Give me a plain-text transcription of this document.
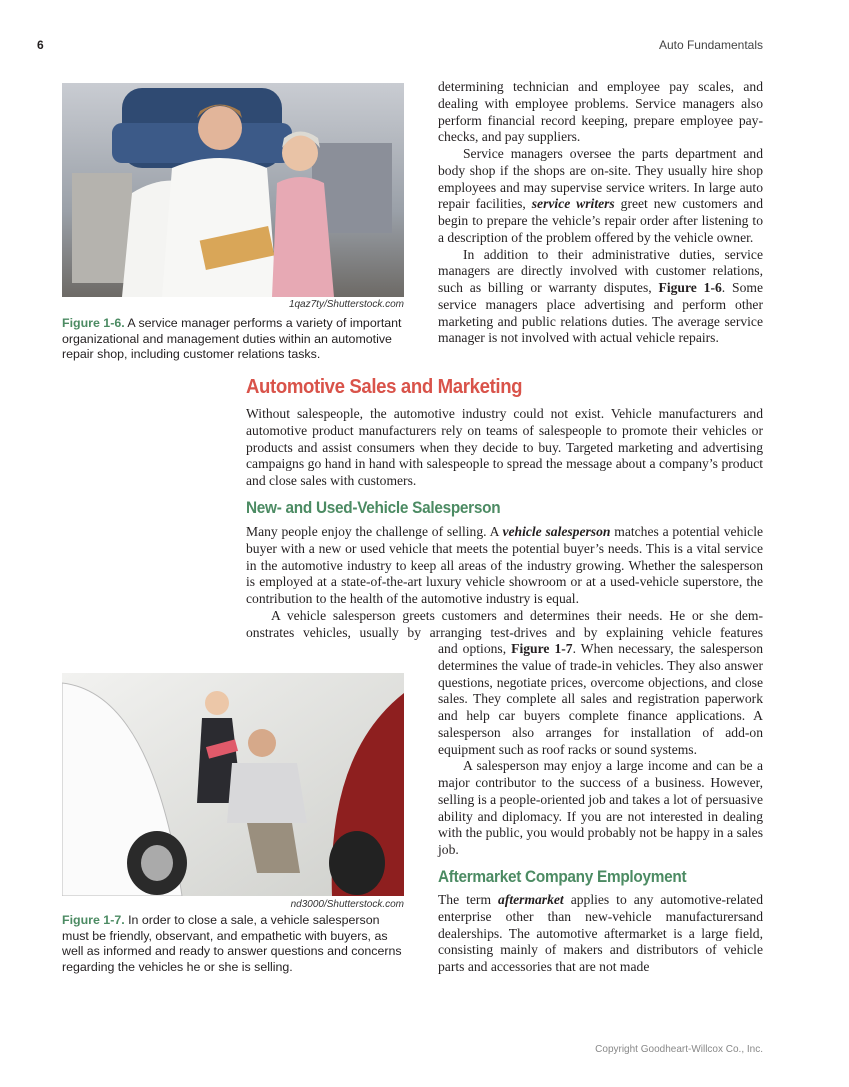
6	Auto Fundamentals
1qaz7ty/Shutterstock.com
Figure 1-6. A service manager performs a variety of important organizational and management duties within an automotive repair shop, including customer relations tasks.

determining technician and employee pay scales, and dealing with employee problems. Service managers also perform financial record keeping, prepare employee paychecks, and pay suppliers.

Service managers oversee the parts department and body shop if the shops are on-site. They usually hire shop employees and may supervise service writers. In large auto repair facilities, service writers greet new customers and begin to prepare the vehicle’s repair order after listening to a description of the problem offered by the vehicle owner.

In addition to their administrative duties, service managers are directly involved with customer relations, such as billing or warranty disputes, Figure 1-6. Some service managers place advertising and perform other marketing and public relations duties. The average service manager is not involved with actual vehicle repairs.

Automotive Sales and Marketing

Without salespeople, the automotive industry could not exist. Vehicle manufacturers and automotive product manufacturers rely on teams of salespeople to promote their vehicles or products and assist consumers when they decide to buy. Targeted marketing and advertising campaigns go hand in hand with salespeople to spread the message about a company’s product and close sales with customers.

New- and Used-Vehicle Salesperson

Many people enjoy the challenge of selling. A vehicle salesperson matches a potential vehicle buyer with a new or used vehicle that meets the potential buyer’s needs. This is a vital service in the automotive industry to keep all areas of the industry growing. Whether the salesperson is employed at a state-of-the-art luxury vehicle showroom or at a used-vehicle superstore, the contribution to the health of the automotive industry is equal.

A vehicle salesperson greets customers and determines their needs. He or she demonstrates vehicles, usually by arranging test-drives and by explaining vehicle features

and options, Figure 1-7. When necessary, the salesperson determines the value of trade-in vehicles. They also answer questions, negotiate prices, overcome objections, and close sales. They complete all sales and registration paperwork and help car buyers complete finance applications. A salesperson also arranges for installation of add-on equipment such as roof racks or sound systems.

A salesperson may enjoy a large income and can be a major contributor to the success of a business. However, selling is a people-oriented job and takes a lot of persuasive ability and diplomacy. If you are not interested in dealing with the public, you would probably not be happy in a sales job.

Aftermarket Company Employment

The term aftermarket applies to any automotive-related enterprise other than new-vehicle manufacturersand dealerships. The automotive aftermarket is a large field, consisting mainly of makers and distributors of vehicle parts and accessories that are not made

nd3000/Shutterstock.com
Figure 1-7. In order to close a sale, a vehicle salesperson must be friendly, observant, and empathetic with buyers, as well as informed and ready to answer questions and concerns regarding the vehicles he or she is selling.
Copyright Goodheart-Willcox Co., Inc.
